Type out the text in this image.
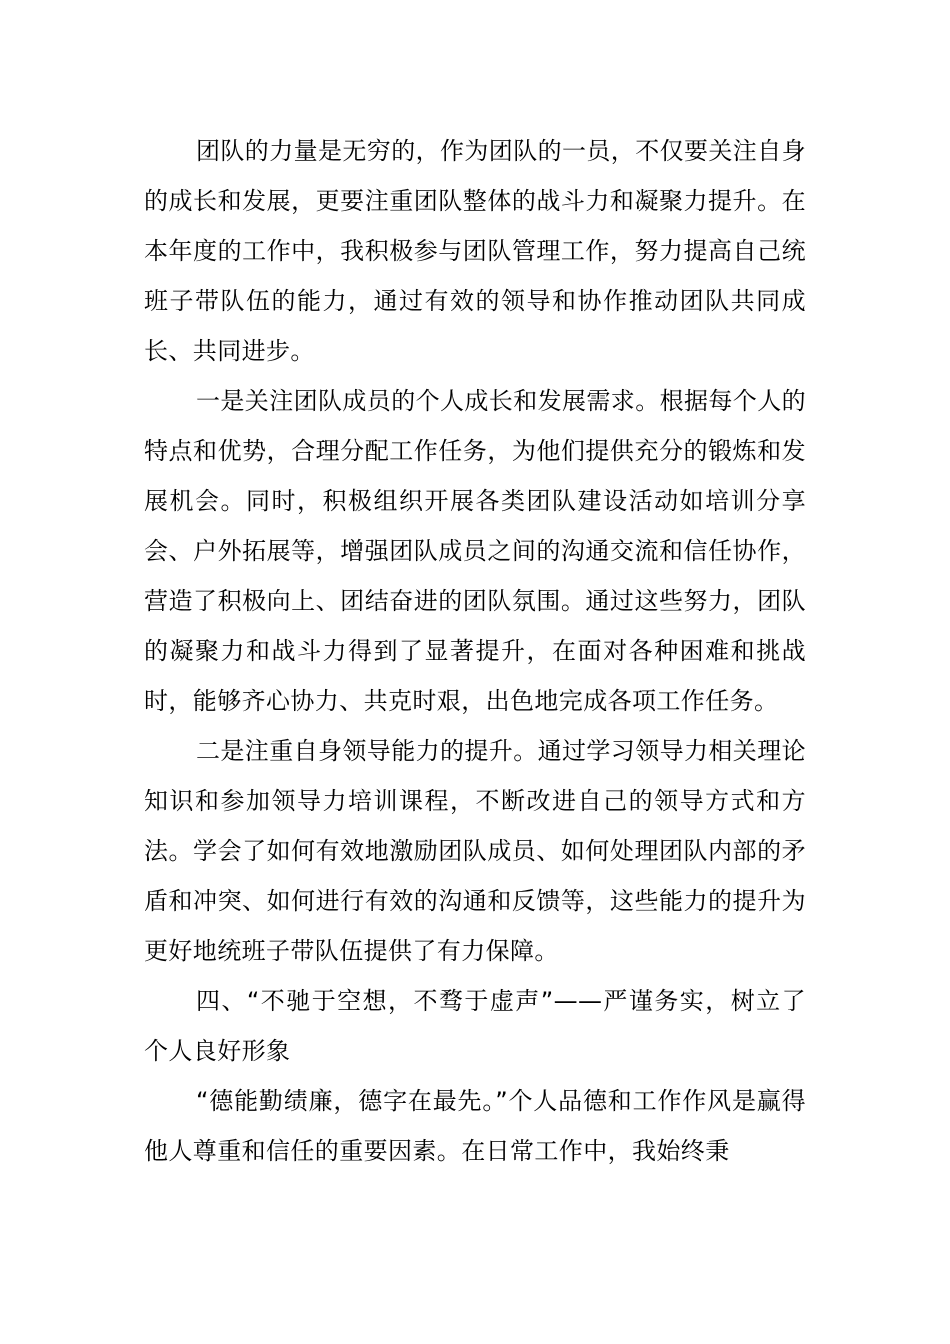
团队的力量是无穷的，作为团队的一员，不仅要关注自身的成长和发展，更要注重团队整体的战斗力和凝聚力提升。在本年度的工作中，我积极参与团队管理工作，努力提高自己统班子带队伍的能力，通过有效的领导和协作推动团队共同成长、共同进步。

一是关注团队成员的个人成长和发展需求。根据每个人的特点和优势，合理分配工作任务，为他们提供充分的锻炼和发展机会。同时，积极组织开展各类团队建设活动如培训分享会、户外拓展等，增强团队成员之间的沟通交流和信任协作，营造了积极向上、团结奋进的团队氛围。通过这些努力，团队的凝聚力和战斗力得到了显著提升，在面对各种困难和挑战时，能够齐心协力、共克时艰，出色地完成各项工作任务。

二是注重自身领导能力的提升。通过学习领导力相关理论知识和参加领导力培训课程，不断改进自己的领导方式和方法。学会了如何有效地激励团队成员、如何处理团队内部的矛盾和冲突、如何进行有效的沟通和反馈等，这些能力的提升为更好地统班子带队伍提供了有力保障。

四、“不驰于空想，不骛于虚声”——严谨务实，树立了个人良好形象

“德能勤绩廉，德字在最先。”个人品德和工作作风是赢得他人尊重和信任的重要因素。在日常工作中，我始终秉
